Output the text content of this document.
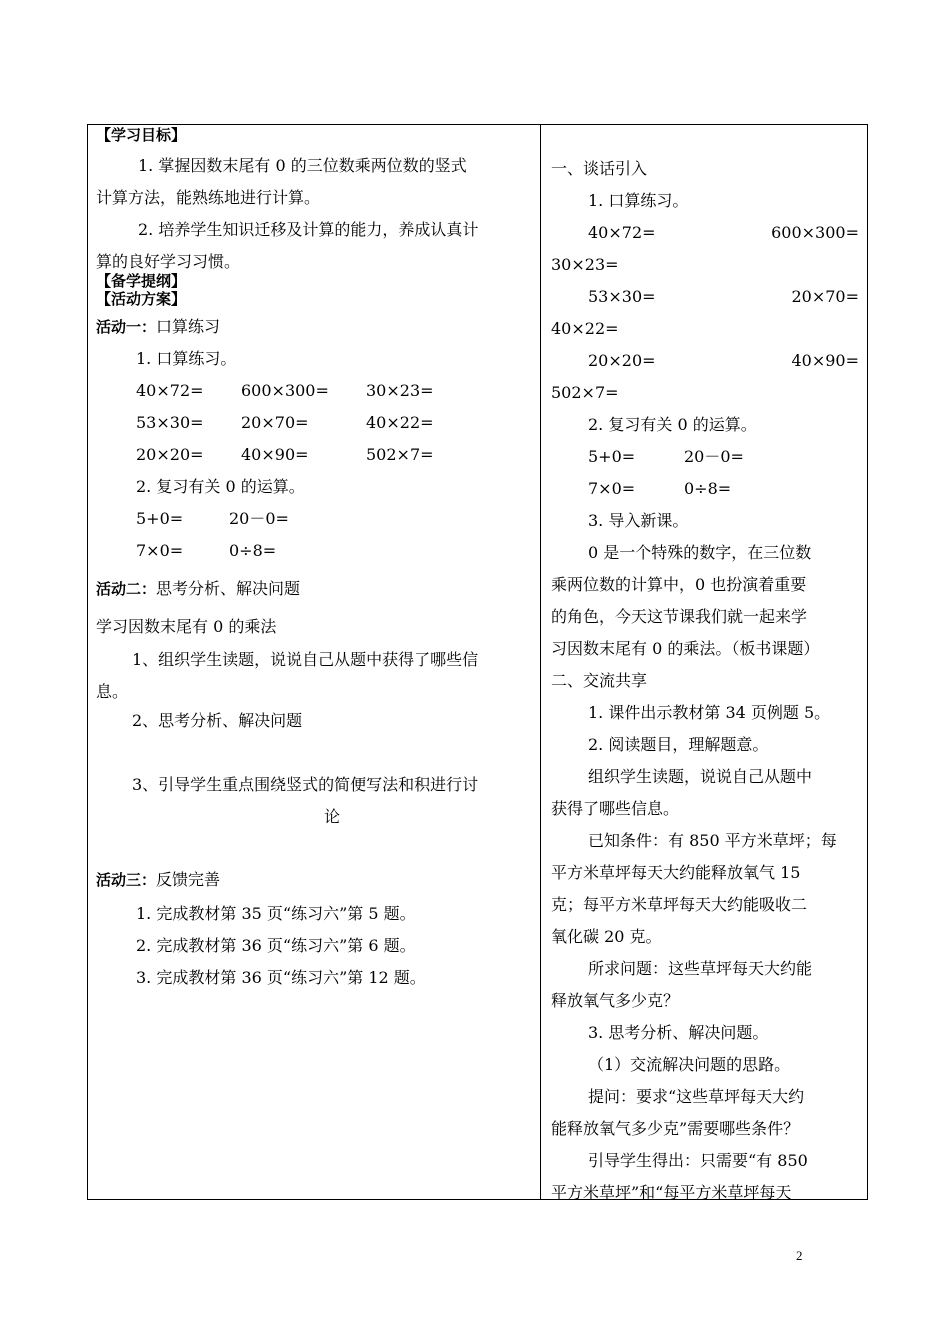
【学习目标】
1. 掌握因数末尾有 0 的三位数乘两位数的竖式
计算方法，能熟练地进行计算。
2. 培养学生知识迁移及计算的能力，养成认真计
算的良好学习习惯。
【备学提纲】
【活动方案】
活动一：口算练习
1. 口算练习。
40×72= 600×300= 30×23=
53×30= 20×70=	40×22=
20×20= 40×90=	502×7=
2. 复习有关 0 的运算。
5+0=	20－0=
7×0=	0÷8=
活动二：思考分析、解决问题
学习因数末尾有 0 的乘法
1、组织学生读题，说说自己从题中获得了哪些信
息。
2、思考分析、解决问题
3、引导学生重点围绕竖式的简便写法和积进行讨
论
活动三：反馈完善
1. 完成教材第 35 页“练习六”第 5 题。
2. 完成教材第 36 页“练习六”第 6 题。
3. 完成教材第 36 页“练习六”第 12 题。
一、谈话引入
1. 口算练习。
40×72=	600×300=
30×23=
53×30=	20×70=
40×22=
20×20=	40×90=
502×7=
2. 复习有关 0 的运算。
5+0=	20－0=
7×0=	0÷8=
3. 导入新课。
0 是一个特殊的数字，在三位数
乘两位数的计算中，0 也扮演着重要
的角色，今天这节课我们就一起来学
习因数末尾有 0 的乘法。（板书课题）
二、交流共享
1. 课件出示教材第 34 页例题 5。
2. 阅读题目，理解题意。
组织学生读题，说说自己从题中
获得了哪些信息。
已知条件：有 850 平方米草坪；每
平方米草坪每天大约能释放氧气 15
克；每平方米草坪每天大约能吸收二
氧化碳 20 克。
所求问题：这些草坪每天大约能
释放氧气多少克？
3. 思考分析、解决问题。
（1）交流解决问题的思路。
提问：要求“这些草坪每天大约
能释放氧气多少克”需要哪些条件？
引导学生得出：只需要“有 850
平方米草坪”和“每平方米草坪每天
2
